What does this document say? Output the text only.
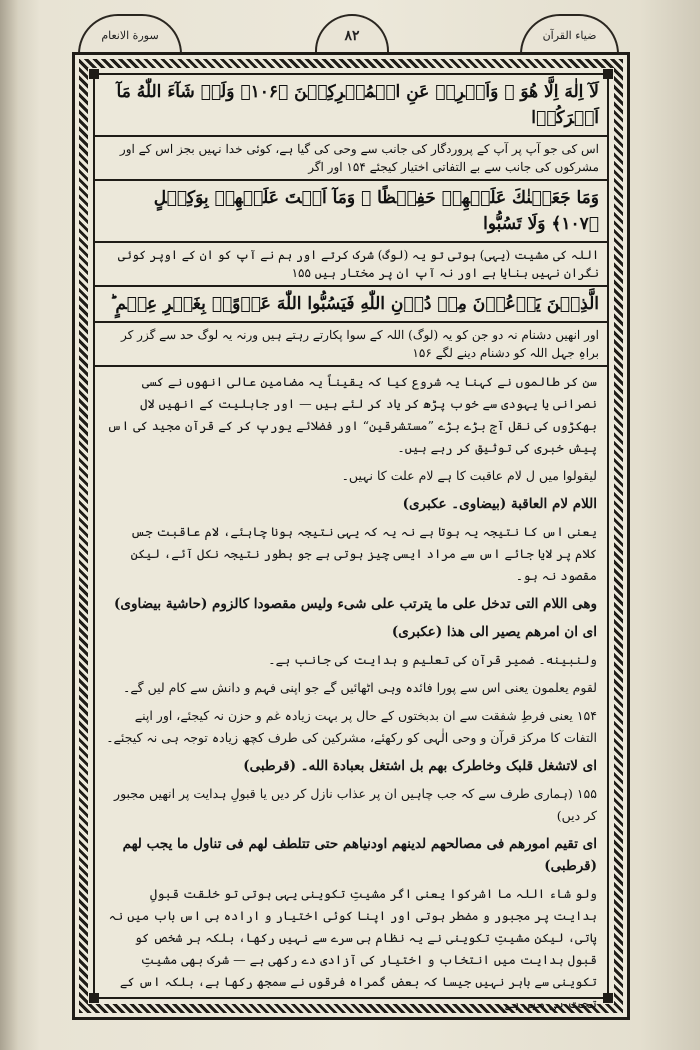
سورة الانعام	۸۲	ضیاء القرآن
لَآ اِلٰهَ اِلَّا هُوَ ۚ وَاَعۡرِضۡ عَنِ الۡمُشۡرِكِيۡنَ ﴿۱۰۶﴾ وَلَوۡ شَآءَ اللّٰهُ مَآ اَشۡرَكُوۡا
اس کی جو آپ پر آپ کے پروردگار کی جانب سے وحی کی گیا ہے، کوئی خدا نہیں بجز اس کے اور مشرکوں کی جانب سے بے التفاتی اختیار کیجئے ۱۵۴ اور اگر
وَمَا جَعَلۡنٰكَ عَلَيۡهِمۡ حَفِيۡظًا ۚ وَمَآ اَنۡتَ عَلَيۡهِمۡ بِوَكِيۡلٍ ﴿۱۰۷﴾ وَلَا تَسُبُّوا
اللہ کی مشیت (یہی) ہوتی تو یہ (لوگ) شرک کرتے اور ہم نے آپ کو ان کے اوپر کوئی نگران نہیں بنایا ہے اور نہ آپ ان پر مختار ہیں ۱۵۵
الَّذِيۡنَ يَدۡعُوۡنَ مِنۡ دُوۡنِ اللّٰهِ فَيَسُبُّوا اللّٰهَ عَدۡوًاۢ بِغَيۡرِ عِلۡمٍ ؕ
اور انھیں دشنام نہ دو جن کو یہ (لوگ) اللہ کے سوا پکارتے رہتے ہیں ورنہ یہ لوگ حد سے گزر کر براہِ جہل اللہ کو دشنام دینے لگے ۱۵۶

سن کر طالموں نے کہنا یہ شروع کیا کہ یقیناً یہ مضامین عالی انھوں نے کسی نصرانی یا یہودی سے خوب پڑھ کر یاد کر لئے ہیں — اور جاہلیت کے انھیں لال بھکڑوں کی نقل آج بڑے بڑے ”مستشرقین“ اور فضلائے یورپ کر کے قرآن مجید کی اس پیش خبری کی توثیق کر رہے ہیں۔

لیقولوا میں ل لام عاقبت کا ہے لام علت کا نہیں۔

اللام لام العاقبة (بیضاوی۔ عکبری)

یعنی اس کا نتیجہ یہ ہوتا ہے نہ یہ کہ یہی نتیجہ ہونا چاہئے، لام عاقبت جس کلام پر لایا جائے اس سے مراد ایسی چیز ہوتی ہے جو بطور نتیجہ نکل آئے، لیکن مقصود نہ ہو۔

وهی اللام التی تدخل علی ما یترتب علی شیء ولیس مقصودا کالزوم (حاشیة بیضاوی)

ای ان امرهم یصیر الی هذا (عکبری)

ولنبینه۔ ضمیر قرآن کی تعلیم و ہدایت کی جانب ہے۔

لقوم یعلمون یعنی اس سے پورا فائدہ وہی اٹھائیں گے جو اپنی فہم و دانش سے کام لیں گے۔

۱۵۴ یعنی فرطِ شفقت سے ان بدبختوں کے حال پر بہت زیادہ غم و حزن نہ کیجئے، اور اپنے التفات کا مرکز قرآن و وحی الٰہی کو رکھئے، مشرکین کی طرف کچھ زیادہ توجہ ہی نہ کیجئے۔

ای لاتشغل قلبک وخاطرک بهم بل اشتغل بعبادة الله۔ (قرطبی)

۱۵۵ (ہماری طرف سے کہ جب چاہیں ان پر عذاب نازل کر دیں یا قبولِ ہدایت پر انھیں مجبور کر دیں)

ای تقیم امورهم فی مصالحهم لدینهم اودنیاهم حتی تتلطف لهم فی تناول ما یجب لهم (قرطبی)

ولو شاء اللہ ما اشرکوا یعنی اگر مشیتِ تکوینی یہی ہوتی تو خلقت قبولِ ہدایت پر مجبور و مضطر ہوتی اور اپنا کوئی اختیار و ارادہ ہی اس باب میں نہ پاتی، لیکن مشیتِ تکوینی نے یہ نظام ہی سرے سے نہیں رکھا، بلکہ ہر شخص کو قبول ہدایت میں انتخاب و اختیار کی آزادی دے رکھی ہے — شرک بھی مشیتِ تکوینی سے باہر نہیں جیسا کہ بعض گمراہ فرقوں نے سمجھ رکھا ہے، بلکہ اس کے تحت ہی میں ہے۔
